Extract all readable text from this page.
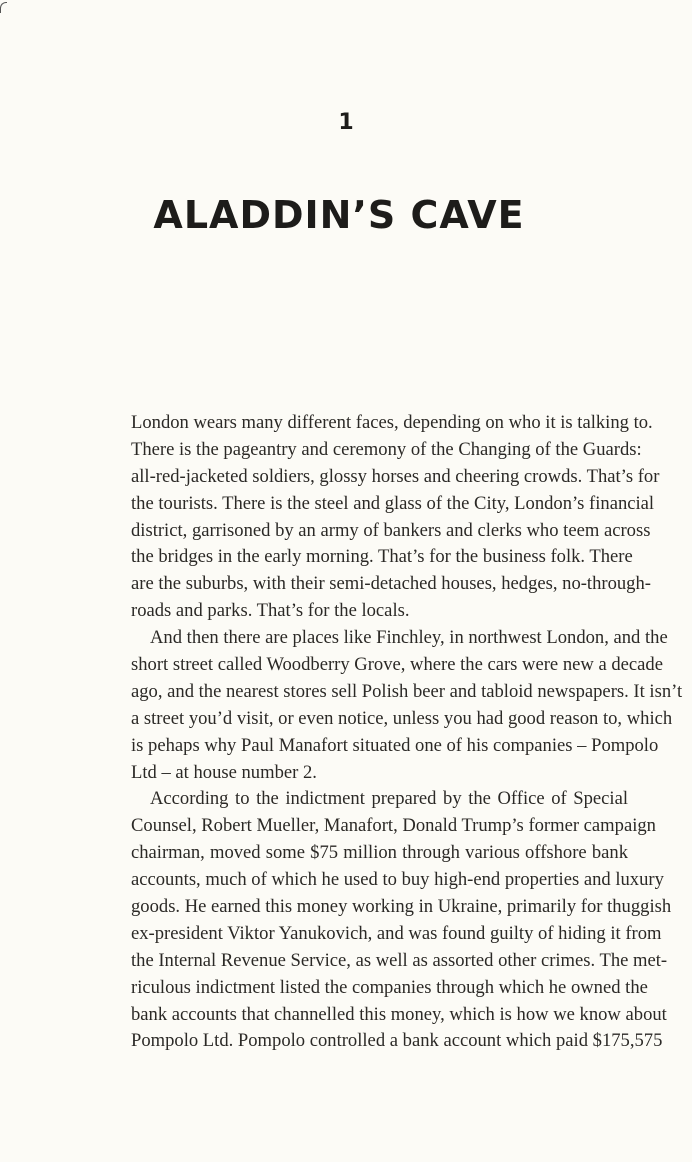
1
ALADDIN’S CAVE
London wears many different faces, depending on who it is talking to.
There is the pageantry and ceremony of the Changing of the Guards:
all-red-jacketed soldiers, glossy horses and cheering crowds. That’s for
the tourists. There is the steel and glass of the City, London’s financial
district, garrisoned by an army of bankers and clerks who teem across
the bridges in the early morning. That’s for the business folk. There
are the suburbs, with their semi-detached houses, hedges, no-through-
roads and parks. That’s for the locals.
And then there are places like Finchley, in northwest London, and the
short street called Woodberry Grove, where the cars were new a decade
ago, and the nearest stores sell Polish beer and tabloid newspapers. It isn’t
a street you’d visit, or even notice, unless you had good reason to, which
is pehaps why Paul Manafort situated one of his companies – Pompolo
Ltd – at house number 2.
According to the indictment prepared by the Office of Special
Counsel, Robert Mueller, Manafort, Donald Trump’s former campaign
chairman, moved some $75 million through various offshore bank
accounts, much of which he used to buy high-end properties and luxury
goods. He earned this money working in Ukraine, primarily for thuggish
ex-president Viktor Yanukovich, and was found guilty of hiding it from
the Internal Revenue Service, as well as assorted other crimes. The met-
riculous indictment listed the companies through which he owned the
bank accounts that channelled this money, which is how we know about
Pompolo Ltd. Pompolo controlled a bank account which paid $175,575
